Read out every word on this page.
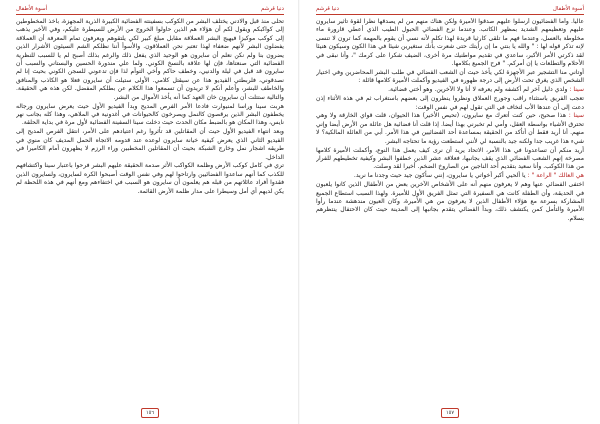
دنيا قرشم
أسوة الأطفال

تحلى منذ قبل والادني يختلف البشر من الكوكب بسفينته الفضائية الكبيرة الذرية المجهزة، بأخذ المخطوطين إلى كواكبكم ويقول لكم أن هؤلاء هم الذين حاولوا الخروج من الأرض للسيطرة عليكم، وفي الأخير يذهب إلى كوكب موكبزا فيهيج البشر العملاقة مقابل مبلغ كبير لكي يلتقوهم ويعرفون تمام المعرفة أن العملاقة يفضلون البشر لأنهم ضعفاء لهذا تعتبر نحن العملاقون. والأسوأ أننا نظلكم الشم السيئون الأشرار الذين يضرون بنا ولم نكن نعلم أن سايرون هو الوحيد الذي يفعل ذلك والرغم بذلك أصبح لم يا للسبب للنظرية الفضائية التي صنعتاها، فإن لها علاقة بالنسخ الكوني. ولما علي مندورة الحسين والبستاني والسبب أن سايرون قد قبل في ليلة والدنيي، وخطف حاكم وأخي التوأم لذا فإن تدعوني للسجن الكوني بحيث إنا لم نصدقوني، فلربطتي الفيديو هذا عن سيقتل كلامي. الأولى ستيلت أن سايرون فعلا هو الكاذب والمنافق والخاطف للبشر، وأعلم أنكم لا تريدون أن تسمعوا هذا الكلام عن بطلكم المفضل. لكن هذه هي الحقيقة. والتالية ستتلت أن سايرون خان العهد كما أنه يأخذ الأموال من البشر.

هربت سينا وراسا لمنيوارت فادعا الأمر الفرص المديح وبدأ الفيديو الأول حيث يعرض سايرون ورجاله يخطفون البشر الذين يرقصون كالنمل ويصرخون كالحيوانات في أغدونية في الملاهي، وهذا كله بجانب نهر نايس، وهذا المكان هو بالضبط مكان الحدث حيث دخلت سينا السفينة الفضائية لأول مرة في بداية الحلقة.

وبعد انتهاء الفيديو الأول حيث أن المقاتلين قد تأثروا رغم اعتيادهم على الأمر، انتقل الفرص المديح إلى الفيديو الثاني الذي يعرض كيفية خيانة سايرون لوعده عند قدومه الاتجاه الحمل المديف كان منوي في طريقه اشجار نمل وخارج الشبكة بحيث أن المقاتلين المخطبين وراء الرزم لا يظهرون أمام الكاميرا في الداخل.

تري في كامل كوكب الأرض وظلمة الكواكب الأثر صدمة الحقيقة عليهم البشر فرحوا باعتبار سينا واكتشافهم للكذب كما أنهم ساعدوا الفضائيين وارتاحوا لهم وفي نفس الوقت أصبحوا الكره لسايرون، ولسايرون الذين فقدوا أفراد عائلاتهم من قبله هم يعلمون أن سايرون هو السبب في اختفاءهم ومع أنهم في هذه اللحظة لم يكن لديهم أي أمل وسيطرا على مدار ظلمة الأرض القائمة.

۱٥٦
أسوة الأطفال
دنيا قرشم

عالياً. وأما الفضائيون أرسلوا عليهم صدقوا الأميرة ولكن هناك منهم من لم يصدقها نظراً لقوة تأثير سايرون عليهم وتعظيمهم الشديد بمظهر الكاتب. وعندما نزع الفضائي الحبول الطيب الذي أعطي قارورة ماء مخلوطة بالعسل، وعندما فهم ما تلقى كارثيا قريدة لهذا تكلم لأنه نسي أن يقوم بالمهمة كما ترون لا تنسى لإنه تذكر قوله لها : " والله يا بنتي ما إن رأيتك حتى شعرت بأنك ستغيرين شيئا في هذا الكون وسيكون هنيئا لقد ذكرتي الأمر الأكبر، ساعدي في تقديم مواطنيك مرة أخرى، الضيف شكرا على كرمك "، وأنا نبقى في الأحلام والتطلعات يا إن أمركم. " فرح الجميع بكلامها.

أوتاني منا التشجير عبر الأجهزة لكي يأخذ حيث أن الشعب الفضائي في طلب البشر المحاضرين وفي اختيار الشخص الذي يغرق تحت الأرض إلى درجة ظهوره في الفيديو وأكملت الأميرة كلامها قائلة :

سينا : ولدي دليل آخر لم أكشفه ولم يعرفه لا أنا ولا الآخرين. وهو أختي فضائية.

تعجب الفريق باستثناء راقب وجورج العملاق ونظروا ينظرون إلى بعضهم باستغراب ثم في هذه الأثناء إذن دعت إلى أن عندها الأب لتخاف في التي تقول لهم في نفس الوقت:

سينا : هذا صحيح، حين كنت أتعرك مع سايرون، (تحيص الأخير) هذا الحيوان، قلت قواي الخارقة ولا وهي تحترق الأشياء بواسطة العقل، وأمي لم تخبرني بهذا أيضا. إذا قلت أنا فضائية هل عائلة من الأرض أيضا وإني منهم. أنا أريد فقط أن أتأكد من الحقيقة بمساعدة أحد الفضائيين في هذا الأمر. أبي من العائلة المالكية؟ لا شيء هذا غريب جدا ولكنه جيد بالنسبة لي لأنني استطعت رؤية ما تحتاجه البشر.

أريد منكم أن تساعدونا في هذا الأمر، الاتحاد يريد أن نرى كيف يعمل هذا النوع، وأكملت الأميرة كلامها مصرخة إنهم الشعب الفضائي الذي يقف بجانبها، فعلاقة عشر الذين خطفوا البشر وكيفية تخطيطهم للفرار من هذا الكوكب. وأنا سعيد بتقديم أحد الناجين من الصاروخ الضخم. أخيرا لقد وصلت.

هي العالك " الراعة " : يا ألحيي أكبر أخواتي يا سايرون، إنني سأكون جيد حيث وجدنا ما نريد.

اختفى الفضائي عنها وهم لا يعرفون منهم أنه على الأشخاص الآخرين بعض من الأطفال الذين كانوا يلعبون في الحديقة، وأن الطفلة كانت هي السفيرة التي تمثل الفريق الأول للأميرة. ولهذا السبب استطاع الجميع المشاركة بسرعة مع هؤلاء الأطفال الذين لا يعرفون من هي الأميرة، وكان العيون مندهشة عندما رأوا الأميرة والتأمل كمن يكتشف ذلك، وبدأ الفضائي يتقدم بجانبها إلى المدينة حيث كان الاحتفال ينتظرهم بسلام.

۱٥٧
